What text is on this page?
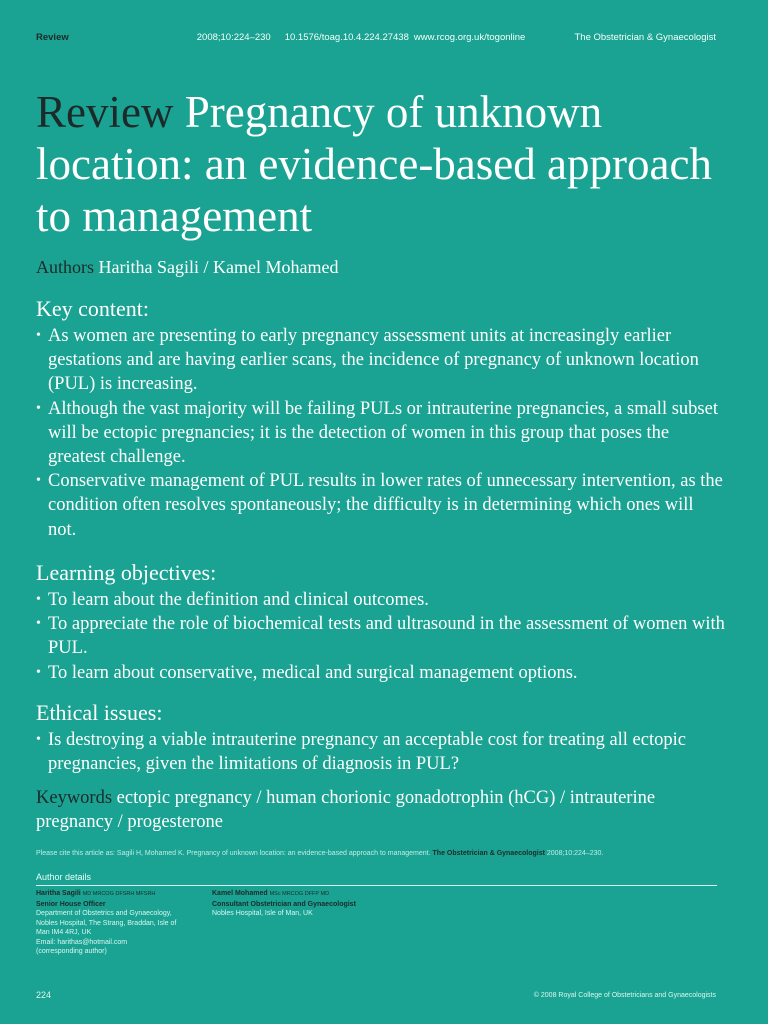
Review	2008;10:224–230 10.1576/toag.10.4.224.27438 www.rcog.org.uk/togonline	The Obstetrician & Gynaecologist
Review Pregnancy of unknown location: an evidence-based approach to management
Authors Haritha Sagili / Kamel Mohamed
Key content:
• As women are presenting to early pregnancy assessment units at increasingly earlier gestations and are having earlier scans, the incidence of pregnancy of unknown location (PUL) is increasing.
• Although the vast majority will be failing PULs or intrauterine pregnancies, a small subset will be ectopic pregnancies; it is the detection of women in this group that poses the greatest challenge.
• Conservative management of PUL results in lower rates of unnecessary intervention, as the condition often resolves spontaneously; the difficulty is in determining which ones will not.
Learning objectives:
• To learn about the definition and clinical outcomes.
• To appreciate the role of biochemical tests and ultrasound in the assessment of women with PUL.
• To learn about conservative, medical and surgical management options.
Ethical issues:
• Is destroying a viable intrauterine pregnancy an acceptable cost for treating all ectopic pregnancies, given the limitations of diagnosis in PUL?
Keywords ectopic pregnancy / human chorionic gonadotrophin (hCG) / intrauterine pregnancy / progesterone
Please cite this article as: Sagili H, Mohamed K. Pregnancy of unknown location: an evidence-based approach to management. The Obstetrician & Gynaecologist 2008;10:224–230.
Author details
Haritha Sagili MD MRCOG DFSRH MFSRH
Senior House Officer
Department of Obstetrics and Gynaecology,
Nobles Hospital, The Strang, Braddan, Isle of
Man IM4 4RJ, UK
Email: harithas@hotmail.com
(corresponding author)
Kamel Mohamed MSc MRCOG DFFP MD
Consultant Obstetrician and Gynaecologist
Nobles Hospital, Isle of Man, UK
224	© 2008 Royal College of Obstetricians and Gynaecologists
